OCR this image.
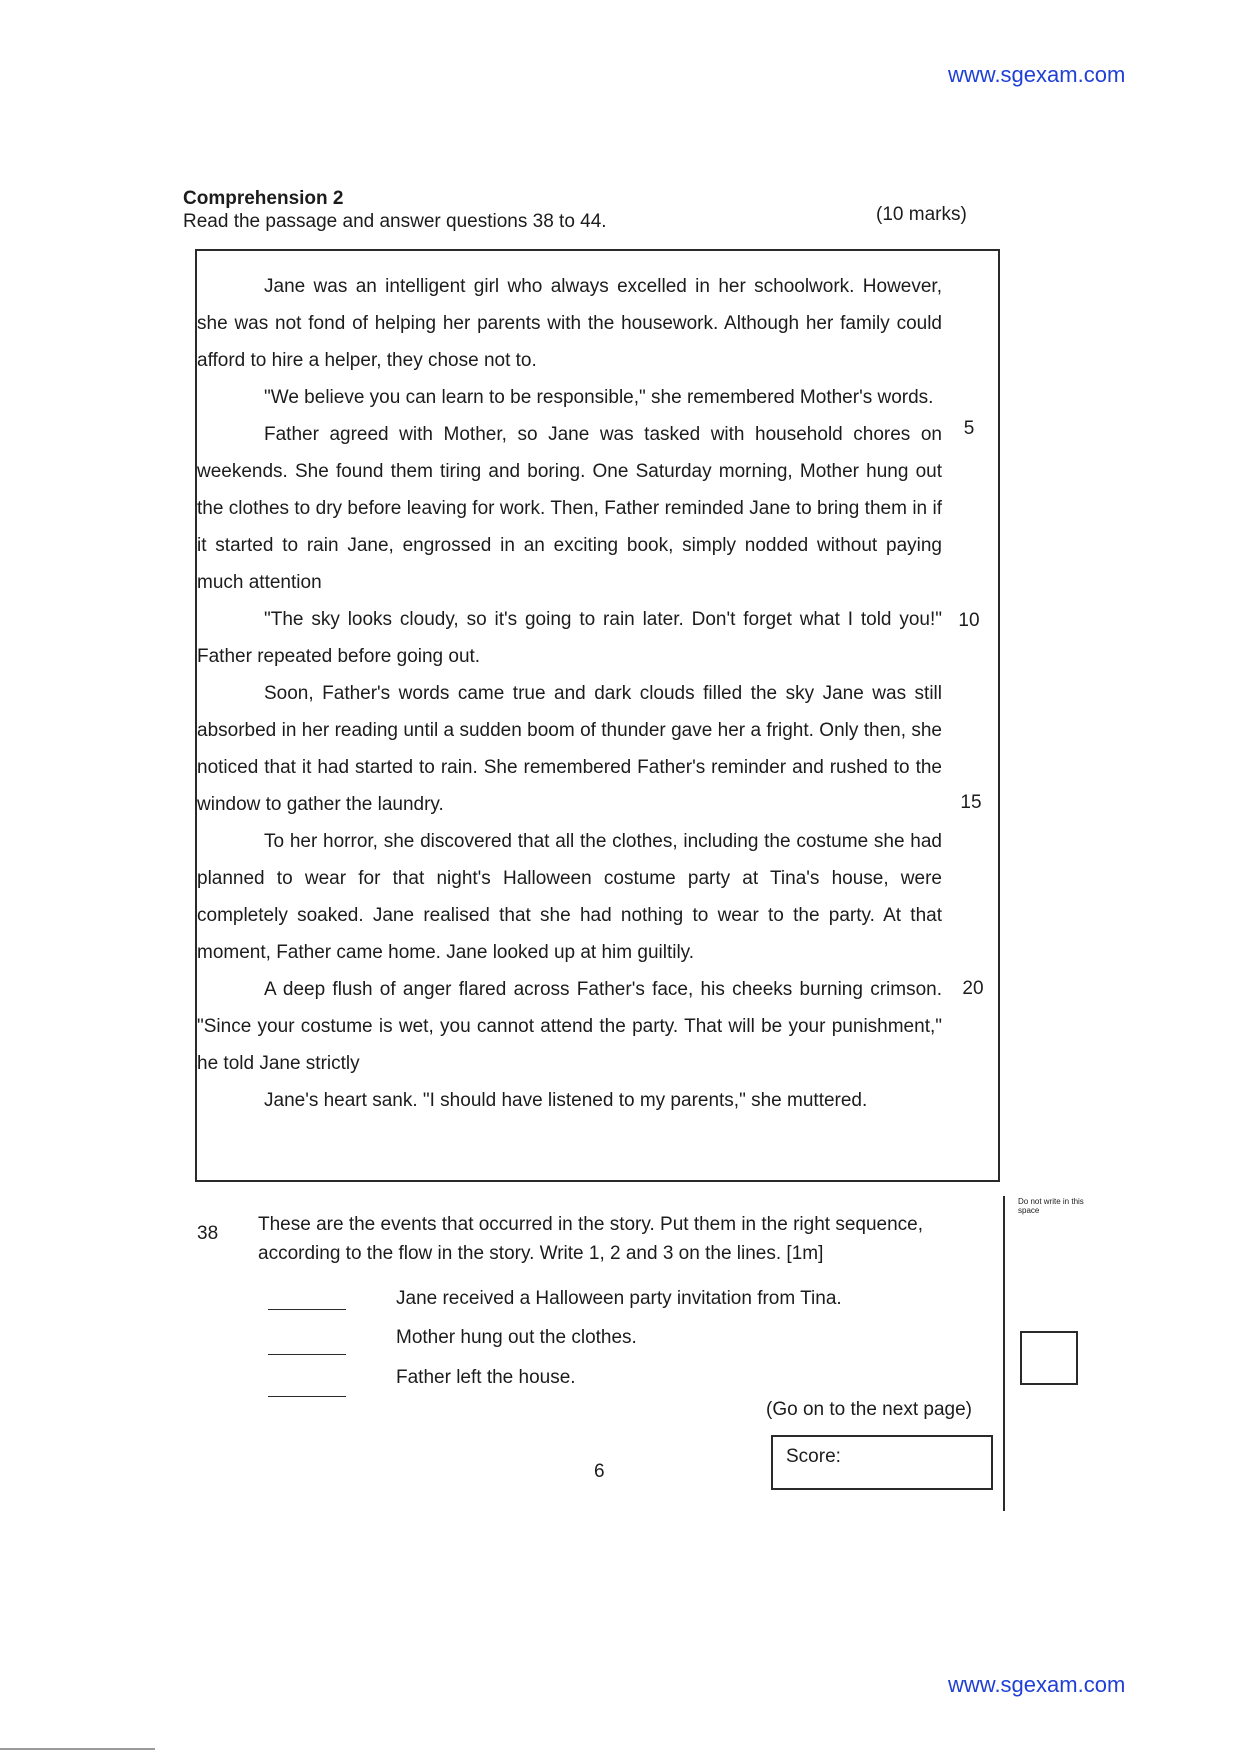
www.sgexam.com
Comprehension 2
Read the passage and answer questions 38 to 44.	(10 marks)

Jane was an intelligent girl who always excelled in her schoolwork. However, she was not fond of helping her parents with the housework. Although her family could afford to hire a helper, they chose not to.

"We believe you can learn to be responsible," she remembered Mother's words.

Father agreed with Mother, so Jane was tasked with household chores on weekends. She found them tiring and boring. One Saturday morning, Mother hung out the clothes to dry before leaving for work. Then, Father reminded Jane to bring them in if it started to rain Jane, engrossed in an exciting book, simply nodded without paying much attention

"The sky looks cloudy, so it's going to rain later. Don't forget what I told you!" Father repeated before going out.

Soon, Father's words came true and dark clouds filled the sky Jane was still absorbed in her reading until a sudden boom of thunder gave her a fright. Only then, she noticed that it had started to rain. She remembered Father's reminder and rushed to the window to gather the laundry.

To her horror, she discovered that all the clothes, including the costume she had planned to wear for that night's Halloween costume party at Tina's house, were completely soaked. Jane realised that she had nothing to wear to the party. At that moment, Father came home. Jane looked up at him guiltily.

A deep flush of anger flared across Father's face, his cheeks burning crimson. "Since your costume is wet, you cannot attend the party. That will be your punishment," he told Jane strictly

Jane's heart sank. "I should have listened to my parents," she muttered.

5
10
15
20
Do not write in this space
38 These are the events that occurred in the story. Put them in the right sequence, according to the flow in the story. Write 1, 2 and 3 on the lines. [1m]
Jane received a Halloween party invitation from Tina.
Mother hung out the clothes.
Father left the house.
(Go on to the next page)
Score:
6
www.sgexam.com
